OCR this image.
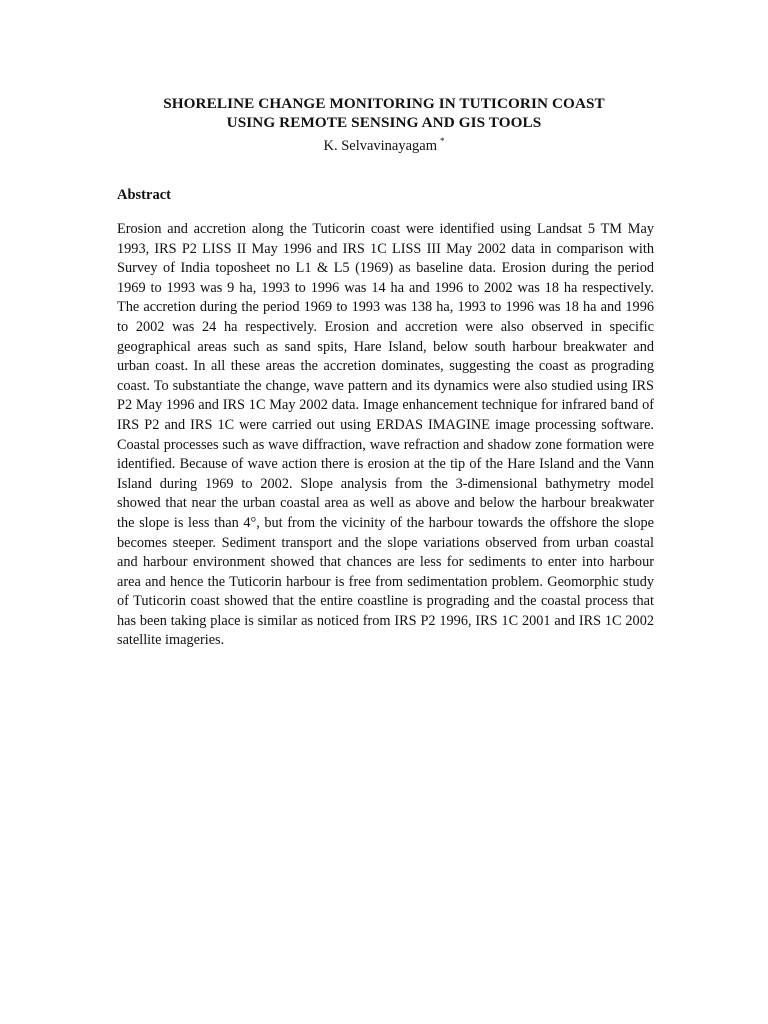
SHORELINE CHANGE MONITORING IN TUTICORIN COAST
USING REMOTE SENSING AND GIS TOOLS
K. Selvavinayagam *
Abstract
Erosion and accretion along the Tuticorin coast were identified using Landsat 5 TM May 1993, IRS P2 LISS II May 1996 and IRS 1C LISS III May 2002 data in comparison with Survey of India toposheet no L1 & L5 (1969) as baseline data. Erosion during the period 1969 to 1993 was 9 ha, 1993 to 1996 was 14 ha and 1996 to 2002 was 18 ha respectively. The accretion during the period 1969 to 1993 was 138 ha, 1993 to 1996 was 18 ha and 1996 to 2002 was 24 ha respectively. Erosion and accretion were also observed in specific geographical areas such as sand spits, Hare Island, below south harbour breakwater and urban coast. In all these areas the accretion dominates, suggesting the coast as prograding coast. To substantiate the change, wave pattern and its dynamics were also studied using IRS P2 May 1996 and IRS 1C May 2002 data. Image enhancement technique for infrared band of IRS P2 and IRS 1C were carried out using ERDAS IMAGINE image processing software. Coastal processes such as wave diffraction, wave refraction and shadow zone formation were identified. Because of wave action there is erosion at the tip of the Hare Island and the Vann Island during 1969 to 2002. Slope analysis from the 3-dimensional bathymetry model showed that near the urban coastal area as well as above and below the harbour breakwater the slope is less than 4°, but from the vicinity of the harbour towards the offshore the slope becomes steeper. Sediment transport and the slope variations observed from urban coastal and harbour environment showed that chances are less for sediments to enter into harbour area and hence the Tuticorin harbour is free from sedimentation problem. Geomorphic study of Tuticorin coast showed that the entire coastline is prograding and the coastal process that has been taking place is similar as noticed from IRS P2 1996, IRS 1C 2001 and IRS 1C 2002 satellite imageries.
